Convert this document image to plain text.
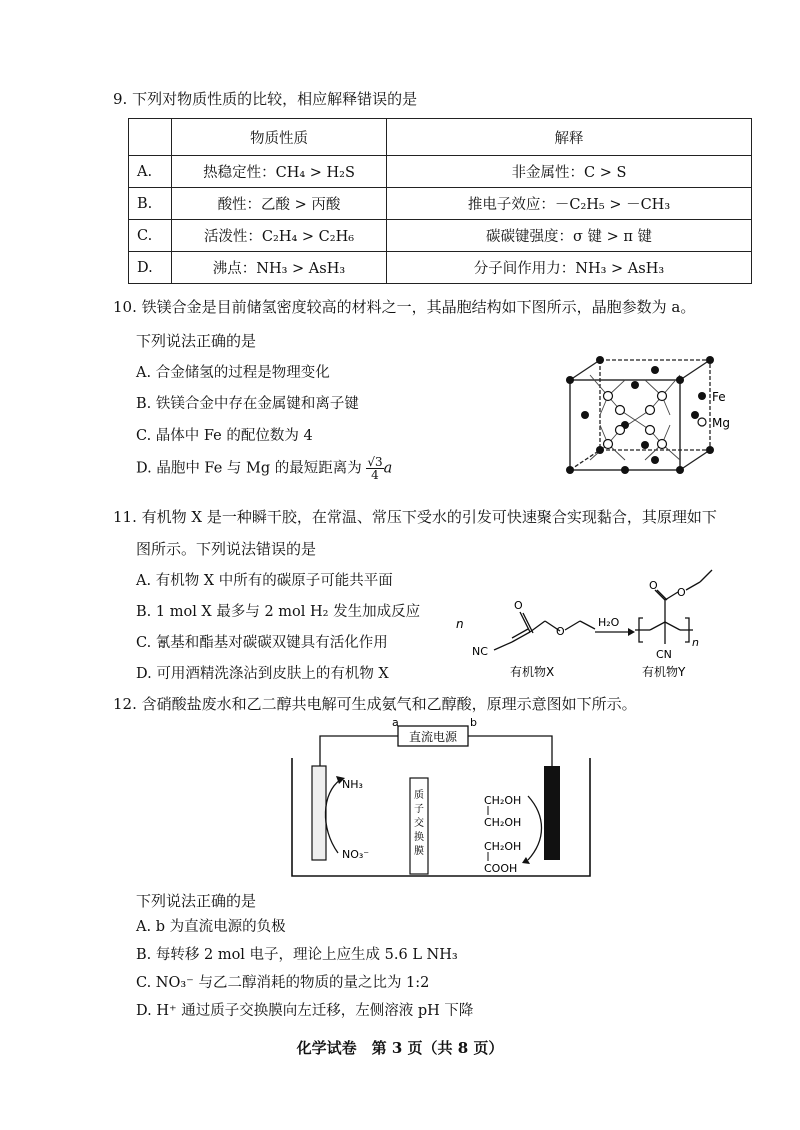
9. 下列对物质性质的比较，相应解释错误的是
	物质性质	解释
A.	热稳定性：CH₄ > H₂S	非金属性：C > S
B.	酸性：乙酸 > 丙酸	推电子效应：－C₂H₅ > －CH₃
C.	活泼性：C₂H₄ > C₂H₆	碳碳键强度：σ 键 > π 键
D.	沸点：NH₃ > AsH₃	分子间作用力：NH₃ > AsH₃
10. 铁镁合金是目前储氢密度较高的材料之一，其晶胞结构如下图所示，晶胞参数为 a。
下列说法正确的是
A. 合金储氢的过程是物理变化
B. 铁镁合金中存在金属键和离子键
C. 晶体中 Fe 的配位数为 4
D. 晶胞中 Fe 与 Mg 的最短距离为 $\frac{√3}{4}$ a
Fe
Mg
11. 有机物 X 是一种瞬干胶，在常温、常压下受水的引发可快速聚合实现黏合，其原理如下
图所示。下列说法错误的是
A. 有机物 X 中所有的碳原子可能共平面
B. 1 mol X 最多与 2 mol H₂ 发生加成反应
C. 氰基和酯基对碳碳双键具有活化作用
D. 可用酒精洗涤沾到皮肤上的有机物 X
n
NC
O
O
有机物X
H₂O
O
O
n
CN
有机物Y
12. 含硝酸盐废水和乙二醇共电解可生成氨气和乙醇酸，原理示意图如下所示。
直流电源
a	b
质子交换膜
NH₃
NO₃⁻
CH₂OH
CH₂OH
CH₂OH
COOH
下列说法正确的是
A. b 为直流电源的负极
B. 每转移 2 mol 电子，理论上应生成 5.6 L NH₃
C. NO₃⁻ 与乙二醇消耗的物质的量之比为 1:2
D. H⁺ 通过质子交换膜向左迁移，左侧溶液 pH 下降
化学试卷　第 3 页（共 8 页）
